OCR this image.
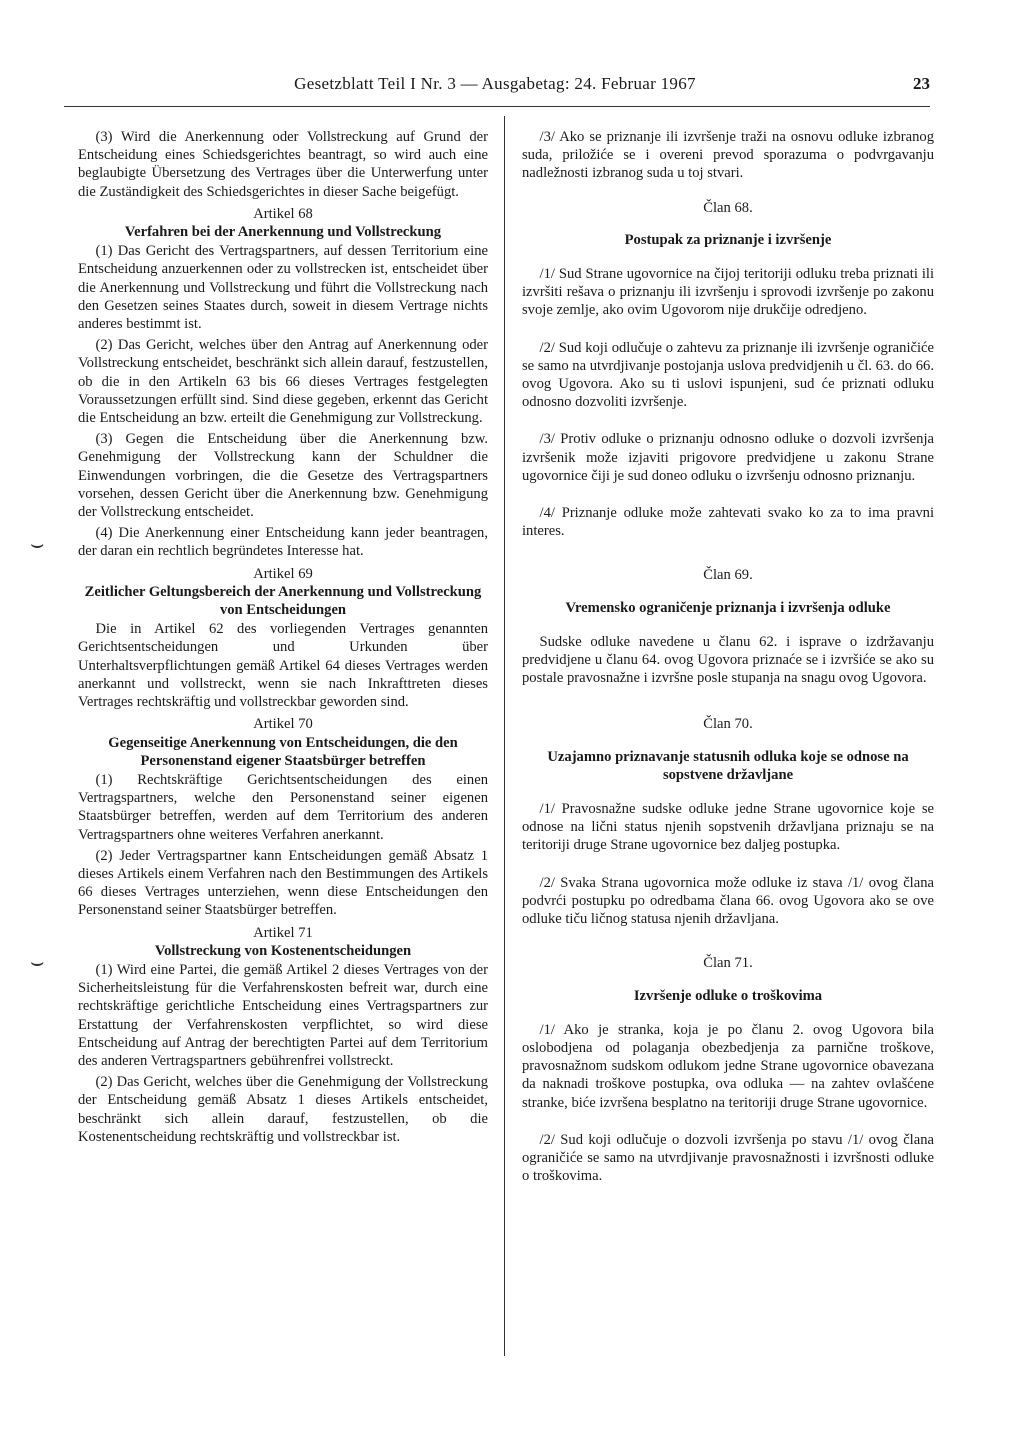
Gesetzblatt Teil I Nr. 3 — Ausgabetag: 24. Februar 1967	23
⌣
⌣

(3) Wird die Anerkennung oder Vollstreckung auf Grund der Entscheidung eines Schiedsgerichtes beantragt, so wird auch eine beglaubigte Übersetzung des Vertrages über die Unterwerfung unter die Zuständigkeit des Schiedsgerichtes in dieser Sache beigefügt.

Artikel 68
Verfahren bei der Anerkennung und Vollstreckung

(1) Das Gericht des Vertragspartners, auf dessen Territorium eine Entscheidung anzuerkennen oder zu vollstrecken ist, entscheidet über die Anerkennung und Vollstreckung und führt die Vollstreckung nach den Gesetzen seines Staates durch, soweit in diesem Vertrage nichts anderes bestimmt ist.

(2) Das Gericht, welches über den Antrag auf Anerkennung oder Vollstreckung entscheidet, beschränkt sich allein darauf, festzustellen, ob die in den Artikeln 63 bis 66 dieses Vertrages festgelegten Voraussetzungen erfüllt sind. Sind diese gegeben, erkennt das Gericht die Entscheidung an bzw. erteilt die Genehmigung zur Vollstreckung.

(3) Gegen die Entscheidung über die Anerkennung bzw. Genehmigung der Vollstreckung kann der Schuldner die Einwendungen vorbringen, die die Gesetze des Vertragspartners vorsehen, dessen Gericht über die Anerkennung bzw. Genehmigung der Vollstreckung entscheidet.

(4) Die Anerkennung einer Entscheidung kann jeder beantragen, der daran ein rechtlich begründetes Interesse hat.

Artikel 69
Zeitlicher Geltungsbereich der Anerkennung und Vollstreckung von Entscheidungen

Die in Artikel 62 des vorliegenden Vertrages genannten Gerichtsentscheidungen und Urkunden über Unterhaltsverpflichtungen gemäß Artikel 64 dieses Vertrages werden anerkannt und vollstreckt, wenn sie nach Inkrafttreten dieses Vertrages rechtskräftig und vollstreckbar geworden sind.

Artikel 70
Gegenseitige Anerkennung von Entscheidungen, die den Personenstand eigener Staatsbürger betreffen

(1) Rechtskräftige Gerichtsentscheidungen des einen Vertragspartners, welche den Personenstand seiner eigenen Staatsbürger betreffen, werden auf dem Territorium des anderen Vertragspartners ohne weiteres Verfahren anerkannt.

(2) Jeder Vertragspartner kann Entscheidungen gemäß Absatz 1 dieses Artikels einem Verfahren nach den Bestimmungen des Artikels 66 dieses Vertrages unterziehen, wenn diese Entscheidungen den Personenstand seiner Staatsbürger betreffen.

Artikel 71
Vollstreckung von Kostenentscheidungen

(1) Wird eine Partei, die gemäß Artikel 2 dieses Vertrages von der Sicherheitsleistung für die Verfahrenskosten befreit war, durch eine rechtskräftige gerichtliche Entscheidung eines Vertragspartners zur Erstattung der Verfahrenskosten verpflichtet, so wird diese Entscheidung auf Antrag der berechtigten Partei auf dem Territorium des anderen Vertragspartners gebührenfrei vollstreckt.

(2) Das Gericht, welches über die Genehmigung der Vollstreckung der Entscheidung gemäß Absatz 1 dieses Artikels entscheidet, beschränkt sich allein darauf, festzustellen, ob die Kostenentscheidung rechtskräftig und vollstreckbar ist.

/3/ Ako se priznanje ili izvršenje traži na osnovu odluke izbranog suda, priložiće se i overeni prevod sporazuma o podvrgavanju nadležnosti izbranog suda u toj stvari.

Član 68.
Postupak za priznanje i izvršenje

/1/ Sud Strane ugovornice na čijoj teritoriji odluku treba priznati ili izvršiti rešava o priznanju ili izvršenju i sprovodi izvršenje po zakonu svoje zemlje, ako ovim Ugovorom nije drukčije odredjeno.

/2/ Sud koji odlučuje o zahtevu za priznanje ili izvršenje ograničiće se samo na utvrdjivanje postojanja uslova predvidjenih u čl. 63. do 66. ovog Ugovora. Ako su ti uslovi ispunjeni, sud će priznati odluku odnosno dozvoliti izvršenje.

/3/ Protiv odluke o priznanju odnosno odluke o dozvoli izvršenja izvršenik može izjaviti prigovore predvidjene u zakonu Strane ugovornice čiji je sud doneo odluku o izvršenju odnosno priznanju.

/4/ Priznanje odluke može zahtevati svako ko za to ima pravni interes.

Član 69.
Vremensko ograničenje priznanja i izvršenja odluke

Sudske odluke navedene u članu 62. i isprave o izdržavanju predvidjene u članu 64. ovog Ugovora priznaće se i izvršiće se ako su postale pravosnažne i izvršne posle stupanja na snagu ovog Ugovora.

Član 70.
Uzajamno priznavanje statusnih odluka koje se odnose na sopstvene državljane

/1/ Pravosnažne sudske odluke jedne Strane ugovornice koje se odnose na lični status njenih sopstvenih državljana priznaju se na teritoriji druge Strane ugovornice bez daljeg postupka.

/2/ Svaka Strana ugovornica može odluke iz stava /1/ ovog člana podvrći postupku po odredbama člana 66. ovog Ugovora ako se ove odluke tiču ličnog statusa njenih državljana.

Član 71.
Izvršenje odluke o troškovima

/1/ Ako je stranka, koja je po članu 2. ovog Ugovora bila oslobodjena od polaganja obezbedjenja za parnične troškove, pravosnažnom sudskom odlukom jedne Strane ugovornice obavezana da naknadi troškove postupka, ova odluka — na zahtev ovlašćene stranke, biće izvršena besplatno na teritoriji druge Strane ugovornice.

/2/ Sud koji odlučuje o dozvoli izvršenja po stavu /1/ ovog člana ograničiće se samo na utvrdjivanje pravosnažnosti i izvršnosti odluke o troškovima.
